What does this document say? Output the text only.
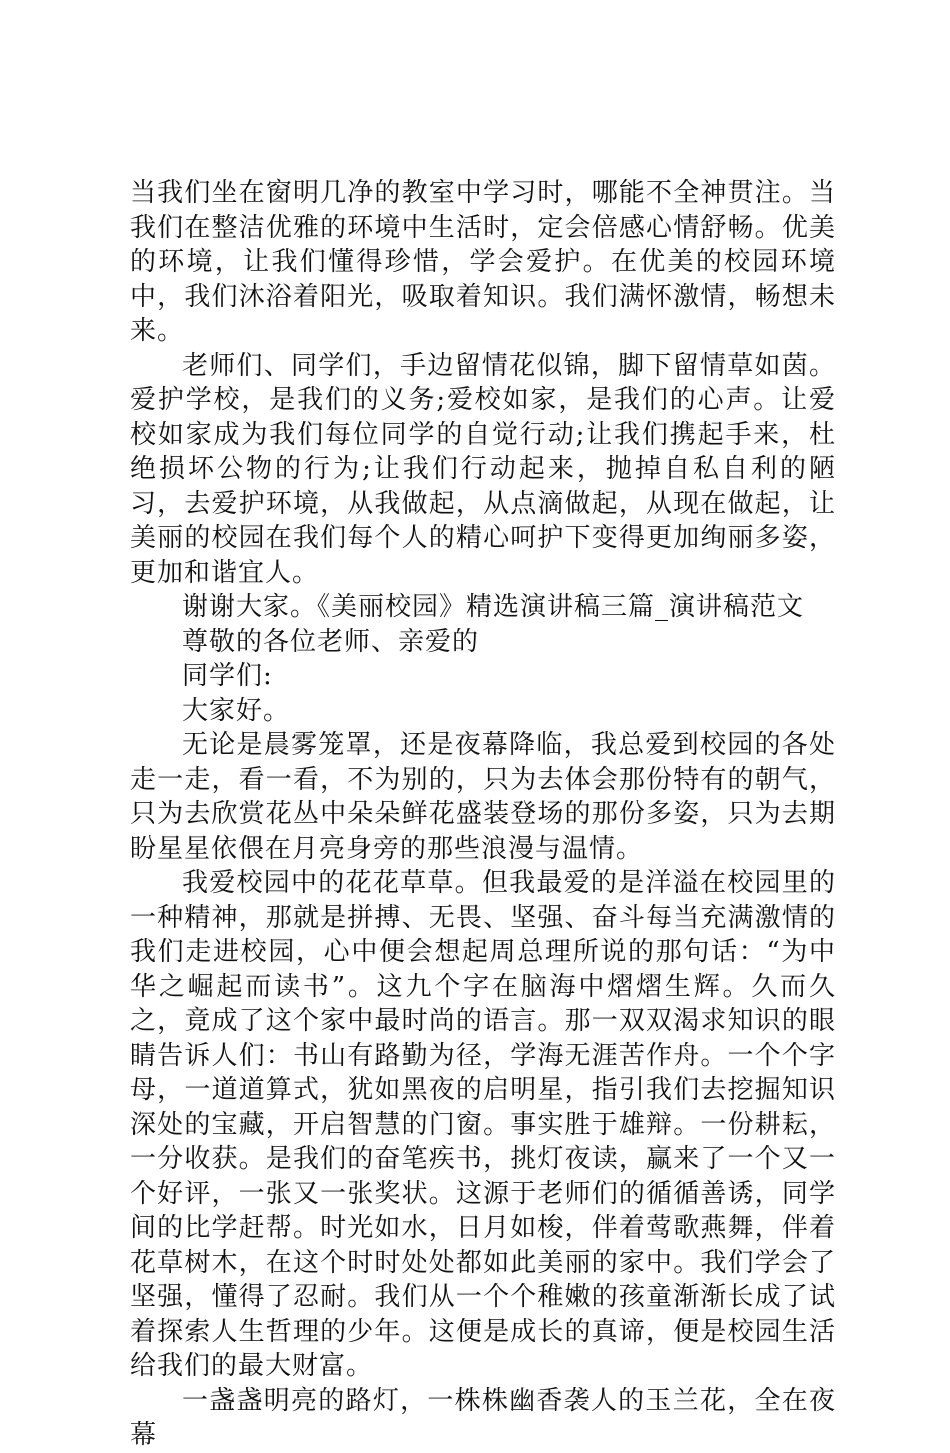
当我们坐在窗明几净的教室中学习时，哪能不全神贯注。当我们在整洁优雅的环境中生活时，定会倍感心情舒畅。优美的环境，让我们懂得珍惜，学会爱护。在优美的校园环境中，我们沐浴着阳光，吸取着知识。我们满怀激情，畅想未来。

老师们、同学们，手边留情花似锦，脚下留情草如茵。爱护学校，是我们的义务;爱校如家，是我们的心声。让爱校如家成为我们每位同学的自觉行动;让我们携起手来，杜绝损坏公物的行为;让我们行动起来，抛掉自私自利的陋习，去爱护环境，从我做起，从点滴做起，从现在做起，让美丽的校园在我们每个人的精心呵护下变得更加绚丽多姿，更加和谐宜人。

谢谢大家。《美丽校园》精选演讲稿三篇_演讲稿范文

尊敬的各位老师、亲爱的

同学们:

大家好。

无论是晨雾笼罩，还是夜幕降临，我总爱到校园的各处走一走，看一看，不为别的，只为去体会那份特有的朝气，只为去欣赏花丛中朵朵鲜花盛装登场的那份多姿，只为去期盼星星依偎在月亮身旁的那些浪漫与温情。

我爱校园中的花花草草。但我最爱的是洋溢在校园里的一种精神，那就是拼搏、无畏、坚强、奋斗每当充满激情的我们走进校园，心中便会想起周总理所说的那句话：“为中华之崛起而读书”。这九个字在脑海中熠熠生辉。久而久之，竟成了这个家中最时尚的语言。那一双双渴求知识的眼睛告诉人们：书山有路勤为径，学海无涯苦作舟。一个个字母，一道道算式，犹如黑夜的启明星，指引我们去挖掘知识深处的宝藏，开启智慧的门窗。事实胜于雄辩。一份耕耘，一分收获。是我们的奋笔疾书，挑灯夜读，赢来了一个又一个好评，一张又一张奖状。这源于老师们的循循善诱，同学间的比学赶帮。时光如水，日月如梭，伴着莺歌燕舞，伴着花草树木，在这个时时处处都如此美丽的家中。我们学会了坚强，懂得了忍耐。我们从一个个稚嫩的孩童渐渐长成了试着探索人生哲理的少年。这便是成长的真谛，便是校园生活给我们的最大财富。

一盏盏明亮的路灯，一株株幽香袭人的玉兰花，全在夜幕
